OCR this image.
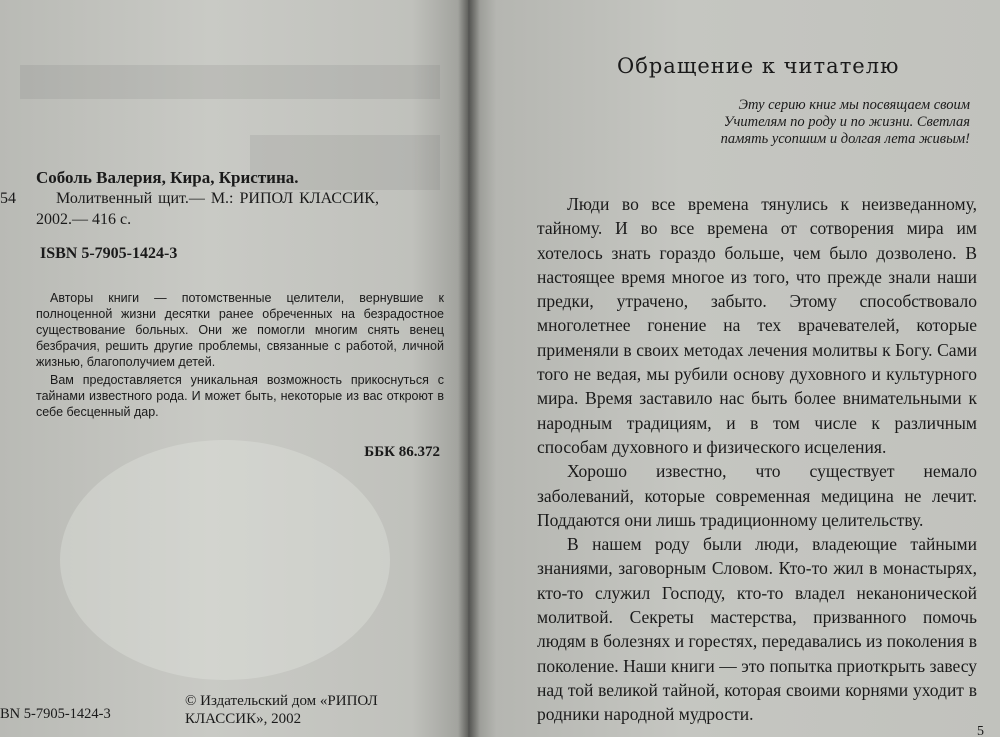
Соболь Валерия, Кира, Кристина.
54	Молитвенный щит.— М.: РИПОЛ КЛАССИК,
2002.— 416 с.
ISBN 5-7905-1424-3

Авторы книги — потомственные целители, вернувшие к полноценной жизни десятки ранее обреченных на безрадостное существование больных. Они же помогли многим снять венец безбрачия, решить другие проблемы, связанные с работой, личной жизнью, благополучием детей.

Вам предоставляется уникальная возможность прикоснуться с тайнами известного рода. И может быть, некоторые из вас откроют в себе бесценный дар.

ББК 86.372
BN 5-7905-1424-3
© Издательский дом «РИПОЛ КЛАССИК», 2002
Обращение к читателю
Эту серию книг мы посвящаем своим Учителям по роду и по жизни. Светлая память усопшим и долгая лета живым!

Люди во все времена тянулись к неизведанному, тайному. И во все времена от сотворения мира им хотелось знать гораздо больше, чем было дозволено. В настоящее время многое из того, что прежде знали наши предки, утрачено, забыто. Этому способствовало многолетнее гонение на тех врачевателей, которые применяли в своих методах лечения молитвы к Богу. Сами того не ведая, мы рубили основу духовного и культурного мира. Время заставило нас быть более внимательными к народным традициям, и в том числе к различным способам духовного и физического исцеления.

Хорошо известно, что существует немало заболеваний, которые современная медицина не лечит. Поддаются они лишь традиционному целительству.

В нашем роду были люди, владеющие тайными знаниями, заговорным Словом. Кто-то жил в монастырях, кто-то служил Господу, кто-то владел неканонической молитвой. Секреты мастерства, призванного помочь людям в болезнях и горестях, передавались из поколения в поколение. Наши книги — это попытка приоткрыть завесу над той великой тайной, которая своими корнями уходит в родники народной мудрости.

5
